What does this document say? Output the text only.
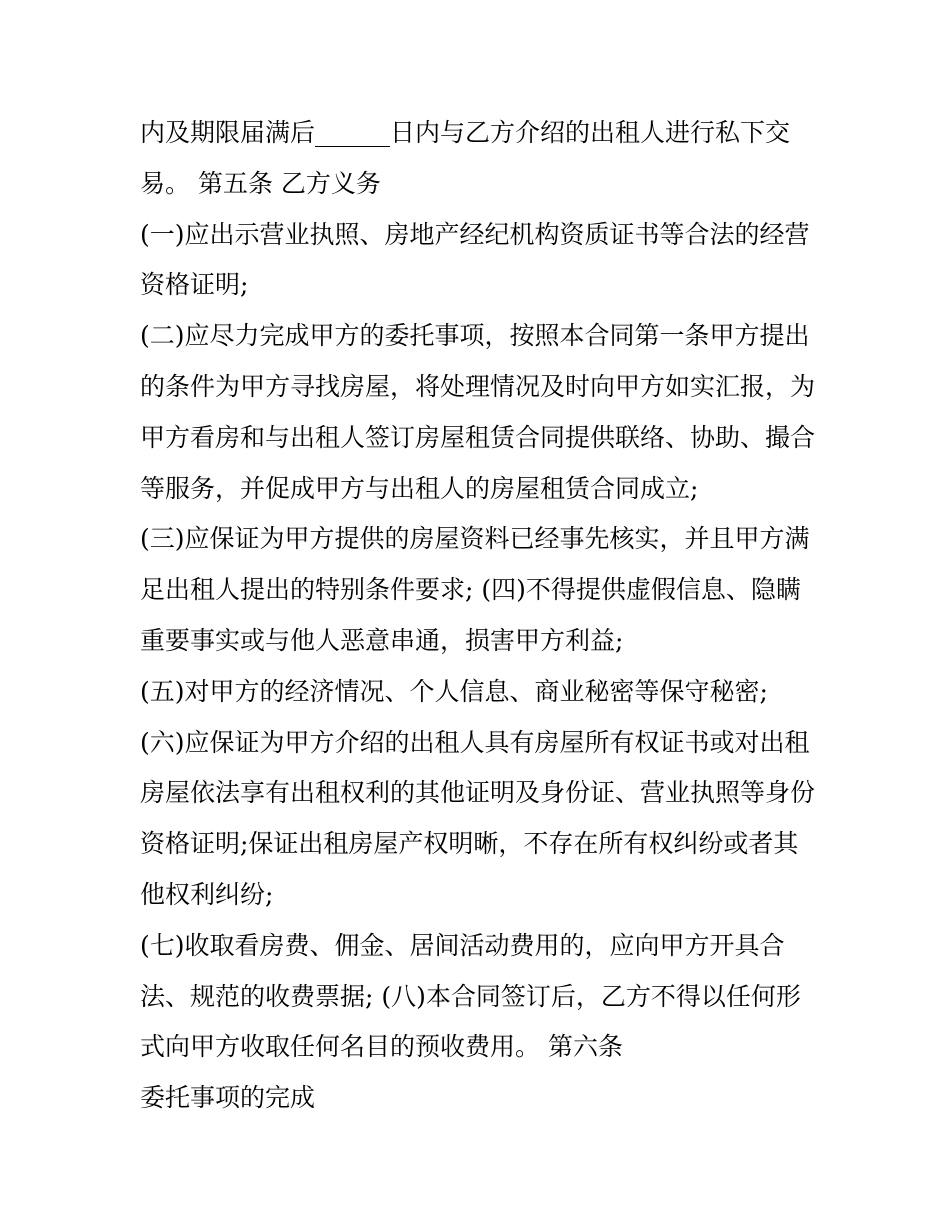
内及期限届满后______日内与乙方介绍的出租人进行私下交
易。 第五条 乙方义务
(一)应出示营业执照、房地产经纪机构资质证书等合法的经营
资格证明;
(二)应尽力完成甲方的委托事项，按照本合同第一条甲方提出
的条件为甲方寻找房屋，将处理情况及时向甲方如实汇报，为
甲方看房和与出租人签订房屋租赁合同提供联络、协助、撮合
等服务，并促成甲方与出租人的房屋租赁合同成立;
(三)应保证为甲方提供的房屋资料已经事先核实，并且甲方满
足出租人提出的特别条件要求; (四)不得提供虚假信息、隐瞒
重要事实或与他人恶意串通，损害甲方利益;
(五)对甲方的经济情况、个人信息、商业秘密等保守秘密;
(六)应保证为甲方介绍的出租人具有房屋所有权证书或对出租
房屋依法享有出租权利的其他证明及身份证、营业执照等身份
资格证明;保证出租房屋产权明晰，不存在所有权纠纷或者其
他权利纠纷;
(七)收取看房费、佣金、居间活动费用的，应向甲方开具合
法、规范的收费票据; (八)本合同签订后，乙方不得以任何形
式向甲方收取任何名目的预收费用。 第六条
委托事项的完成
